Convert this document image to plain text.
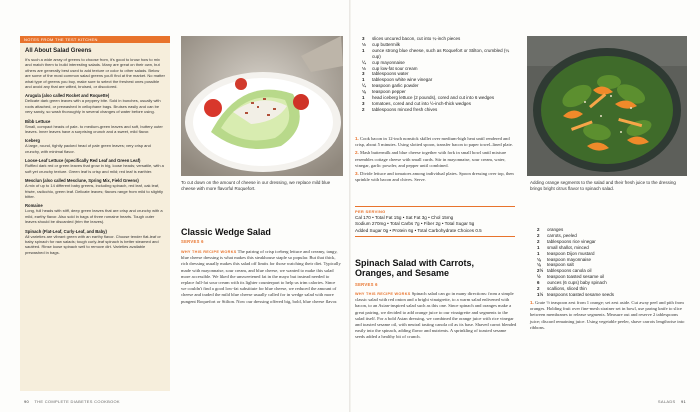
NOTES FROM THE TEST KITCHEN
All About Salad Greens

It's such a wide array of greens to choose from, it's good to know how to mix and match them to build interesting salads. Many are great on their own, but others are generally best used to add texture or color to other salads. Below are some of the most common salad greens you'll find at the market. No matter what type of greens you buy, make sure to select the freshest ones possible and avoid any that are wilted, bruised, or discolored.

Arugula (also called Rocket and Roquette)

Delicate dark green leaves with a peppery bite. Sold in bunches, usually with roots attached, or prewashed in cellophane bags. Bruises easily and can be very sandy, so wash thoroughly in several changes of water before using.

Bibb Lettuce

Small, compact heads of pale- to medium-green leaves and soft, buttery outer leaves. Inner leaves have a surprising crunch and a sweet, mild flavor.

Iceberg

A large, round, tightly packed head of pale green leaves; very crisp and crunchy, with minimal flavor.

Loose-Leaf Lettuce (specifically Red Leaf and Green Leaf)

Ruffled dark red or green leaves that grow in big, loose heads; versatile, with a soft yet crunchy texture. Green leaf is crisp and mild; red leaf is earthier.

Mesclun (also called Mesclune, Spring Mix, Field Greens)

A mix of up to 14 different baby greens, including spinach, red leaf, oak leaf, frisée, radicchio, green leaf. Delicate leaves; flavors range from mild to slightly bitter.

Romaine

Long, full heads with stiff, deep green leaves that are crisp and crunchy with a mild, earthy flavor. Also sold in bags of three romaine hearts. Tough outer leaves should be discarded (trim the leaves).

Spinach (Flat-Leaf, Curly-Leaf, and Baby)

All varieties are vibrant green with an earthy flavor. Choose tender flat-leaf or baby spinach for raw salads; tough curly-leaf spinach is better steamed and sautéed. Rinse loose spinach well to remove dirt. Varieties available prewashed in bags.

To cut down on the amount of cheese in our dressing, we replace mild blue cheese with more flavorful Roquefort.
Classic Wedge Salad
SERVES 6
WHY THIS RECIPE WORKS The pairing of crisp iceberg lettuce and creamy, tangy, blue cheese dressing is what makes this steakhouse staple so popular. But that thick, rich dressing usually makes this salad off limits for those watching their diet. Typically made with mayonnaise, sour cream, and blue cheese, we wanted to make this salad more accessible. We liked the unsweetened fat in the mayo but instead needed to replace full-fat sour cream with its lighter counterpart to help us trim calories. Since we couldn't find a good low-fat substitute for blue cheese, we reduced the amount of cheese and traded the mild blue cheese usually called for in wedge salad with more pungent Roquefort or Stilton. Now our dressing offered big, bold, blue cheese flavor.
90 THE COMPLETE DIABETES COOKBOOK
3 slices uncured bacon, cut into ¼-inch pieces
⅓ cup buttermilk
1 ounce strong blue cheese, such as Roquefort or Stilton, crumbled (¼ cup)
¼ cup mayonnaise
⅓ cup low-fat sour cream
3 tablespoons water
1 tablespoon white wine vinegar
¼ teaspoon garlic powder
⅛ teaspoon pepper
1 head iceberg lettuce (2 pounds), cored and cut into 6 wedges
3 tomatoes, cored and cut into ½-inch-thick wedges
2 tablespoons minced fresh chives

1. Cook bacon in 12-inch nonstick skillet over medium-high heat until rendered and crisp, about 5 minutes. Using slotted spoon, transfer bacon to paper towel–lined plate.

2. Mash buttermilk and blue cheese together with fork in small bowl until mixture resembles cottage cheese with small curds. Stir in mayonnaise, sour cream, water, vinegar, garlic powder, and pepper until combined.

3. Divide lettuce and tomatoes among individual plates. Spoon dressing over top, then sprinkle with bacon and chives. Serve.

PER SERVING
Cal 170 • Total Fat 15g • Sat Fat 3g • Chol 15mg
Sodium 270mg • Total Carbs 7g • Fiber 2g • Total Sugar 5g
Added Sugar 0g • Protein 6g • Total Carbohydrate Choices 0.5
Spinach Salad with Carrots, Oranges, and Sesame
SERVES 6
WHY THIS RECIPE WORKS Spinach salad can go in many directions: from a simple classic salad with red onion and a bright vinaigrette, to a warm salad enlivened with bacon, to an Asian-inspired salad such as this one. Since spinach and oranges make a great pairing, we decided to add orange juice to our vinaigrette and segments to the salad itself. For a bold Asian dressing, we combined the orange juice with rice vinegar and toasted sesame oil, with neutral tasting canola oil as its base. Shaved carrot blended easily into the spinach, adding flavor and nutrients. A sprinkling of toasted sesame seeds added a healthy bit of crunch.
Adding orange segments to the salad and their fresh juice to the dressing brings bright citrus flavor to spinach salad.
2 oranges
2 carrots, peeled
2 tablespoons rice vinegar
1 small shallot, minced
1 teaspoon Dijon mustard
⅛ teaspoon mayonnaise
⅛ teaspoon salt
2½ tablespoons canola oil
½ teaspoon toasted sesame oil
6 ounces (6 cups) baby spinach
2 scallions, sliced thin
1½ teaspoons toasted sesame seeds

1. Grate ½ teaspoon zest from 1 orange; set zest aside. Cut away peel and pith from oranges. Holding fruit over fine-mesh strainer set in bowl, use paring knife to slice between membranes to release segments. Measure out and reserve 2 tablespoons juice; discard remaining juice. Using vegetable peeler, shave carrots lengthwise into ribbons.

SALADS 91
